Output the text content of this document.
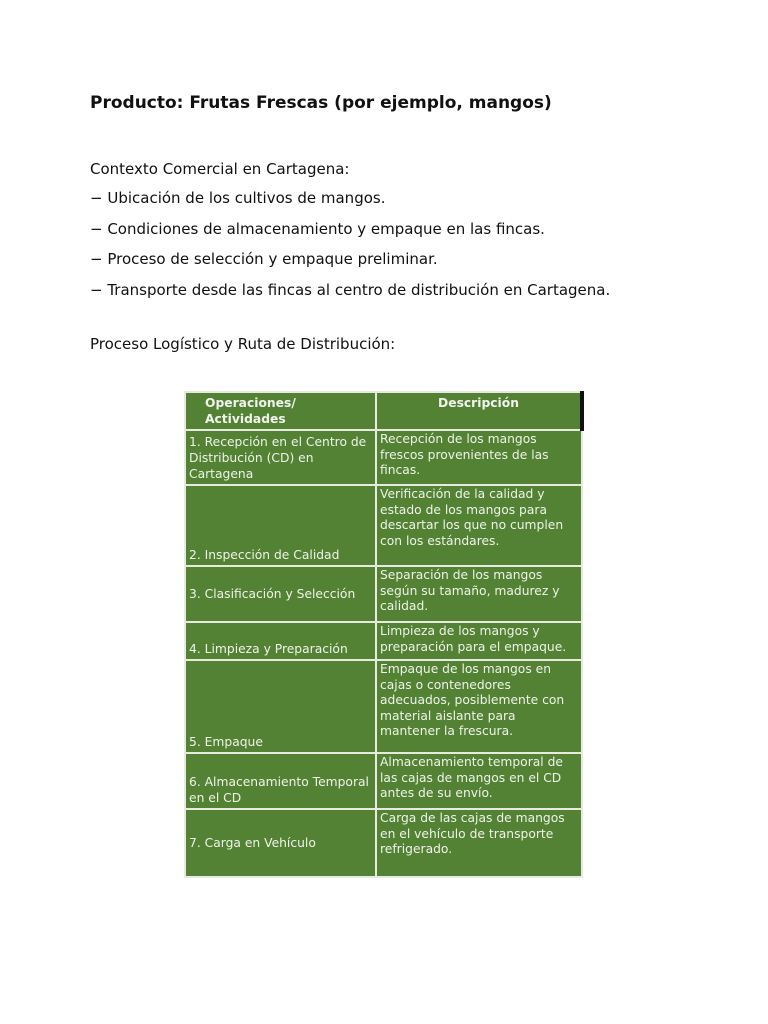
Producto: Frutas Frescas (por ejemplo, mangos)

Contexto Comercial en Cartagena:

− Ubicación de los cultivos de mangos.
− Condiciones de almacenamiento y empaque en las fincas.
− Proceso de selección y empaque preliminar.
− Transporte desde las fincas al centro de distribución en Cartagena.

Proceso Logístico y Ruta de Distribución:

Operaciones/ Actividades	Descripción
1. Recepción en el Centro de Distribución (CD) en Cartagena	Recepción de los mangos frescos provenientes de las fincas.
2. Inspección de Calidad	Verificación de la calidad y estado de los mangos para descartar los que no cumplen con los estándares.
3. Clasificación y Selección	Separación de los mangos según su tamaño, madurez y calidad.
4. Limpieza y Preparación	Limpieza de los mangos y preparación para el empaque.
5. Empaque	Empaque de los mangos en cajas o contenedores adecuados, posiblemente con material aislante para mantener la frescura.
6. Almacenamiento Temporal en el CD	Almacenamiento temporal de las cajas de mangos en el CD antes de su envío.
7. Carga en Vehículo	Carga de las cajas de mangos en el vehículo de transporte refrigerado.
